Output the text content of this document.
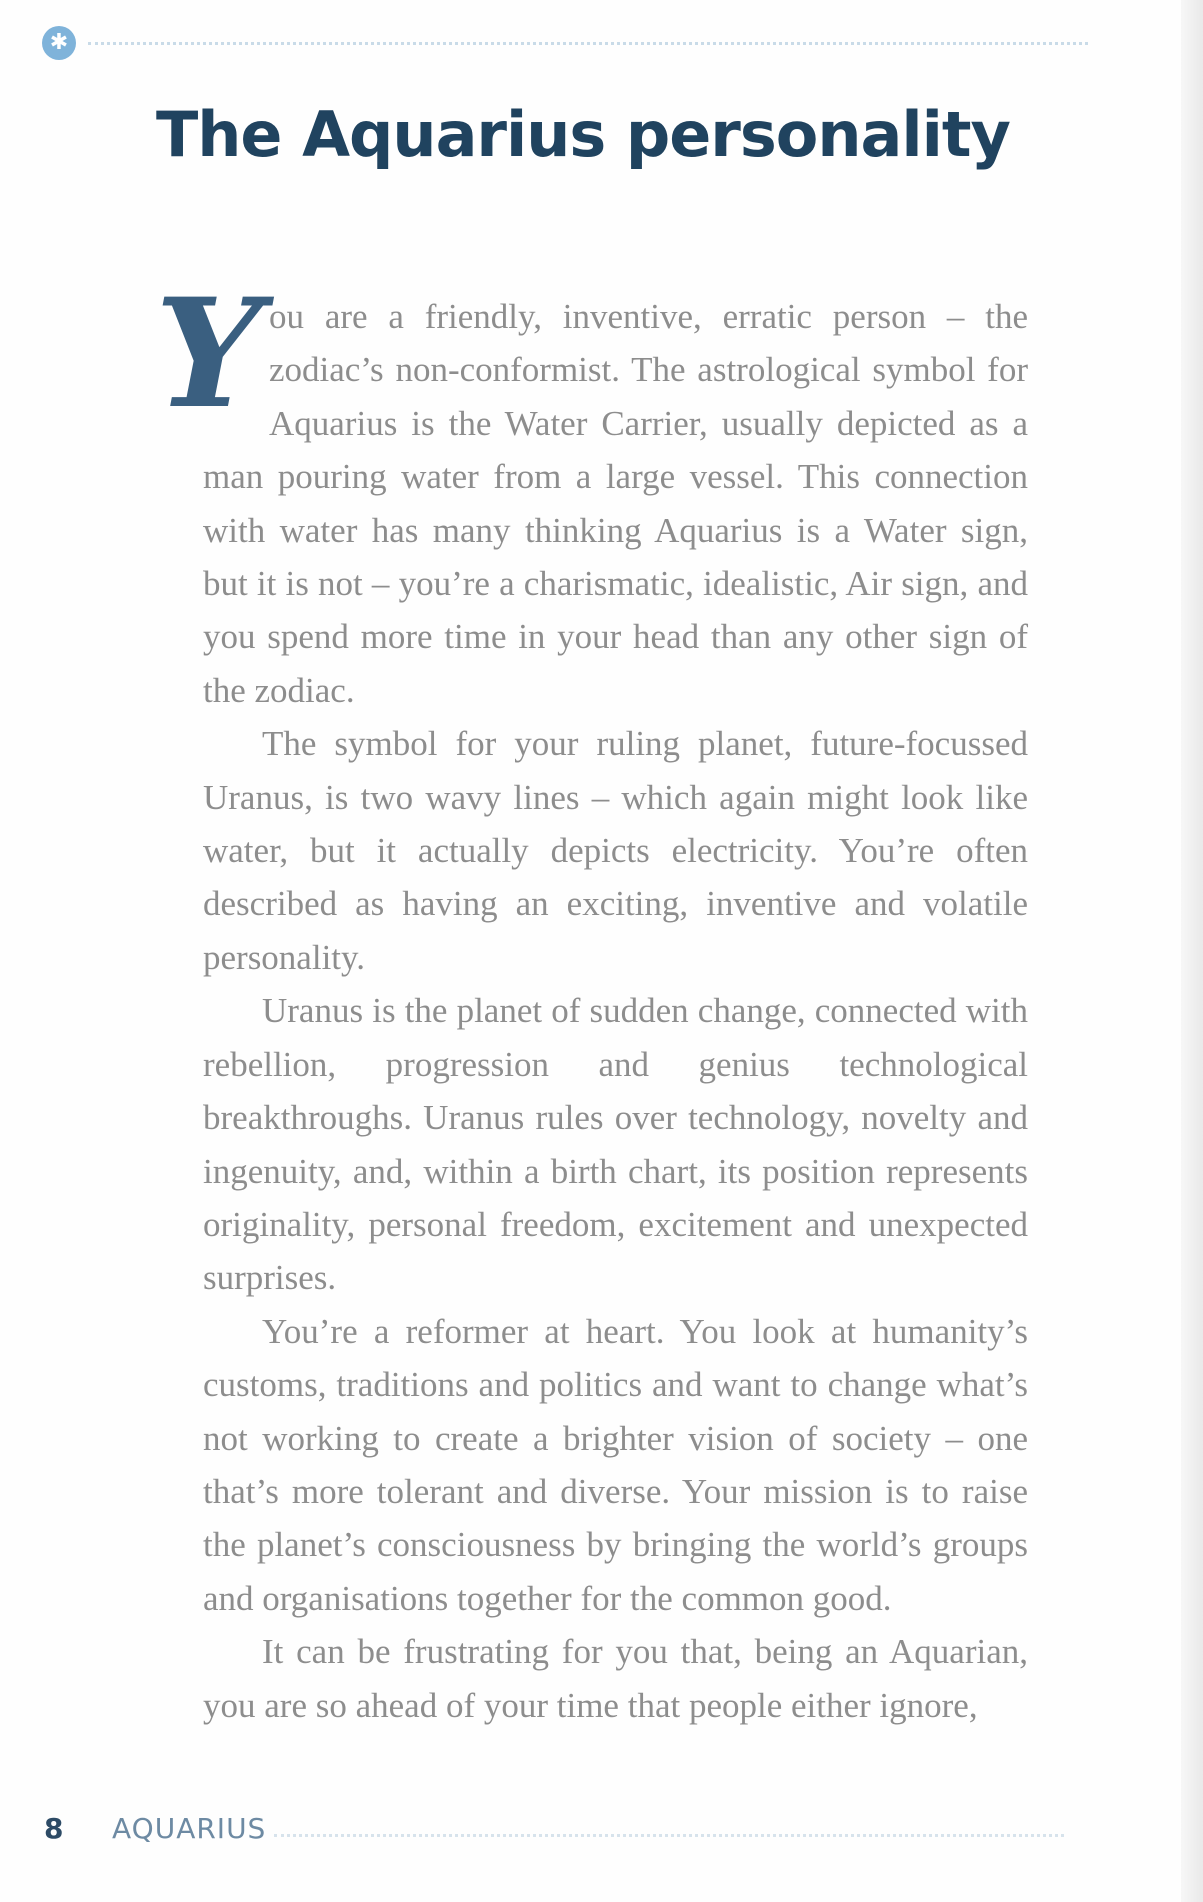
✱
The Aquarius personality

You are a friendly, inventive, erratic person – the zodiac’s non-conformist. The astrological symbol for Aquarius is the Water Carrier, usually depicted as a man pouring water from a large vessel. This connection with water has many thinking Aquarius is a Water sign, but it is not – you’re a charismatic, idealistic, Air sign, and you spend more time in your head than any other sign of the zodiac.

The symbol for your ruling planet, future-focussed Uranus, is two wavy lines – which again might look like water, but it actually depicts electricity. You’re often described as having an exciting, inventive and volatile personality.

Uranus is the planet of sudden change, connected with rebellion, progression and genius technological breakthroughs. Uranus rules over technology, novelty and ingenuity, and, within a birth chart, its position represents originality, personal freedom, excitement and unexpected surprises.

You’re a reformer at heart. You look at humanity’s customs, traditions and politics and want to change what’s not working to create a brighter vision of society – one that’s more tolerant and diverse. Your mission is to raise the planet’s consciousness by bringing the world’s groups and organisations together for the common good.

It can be frustrating for you that, being an Aquarian, you are so ahead of your time that people either ignore,

8 AQUARIUS
